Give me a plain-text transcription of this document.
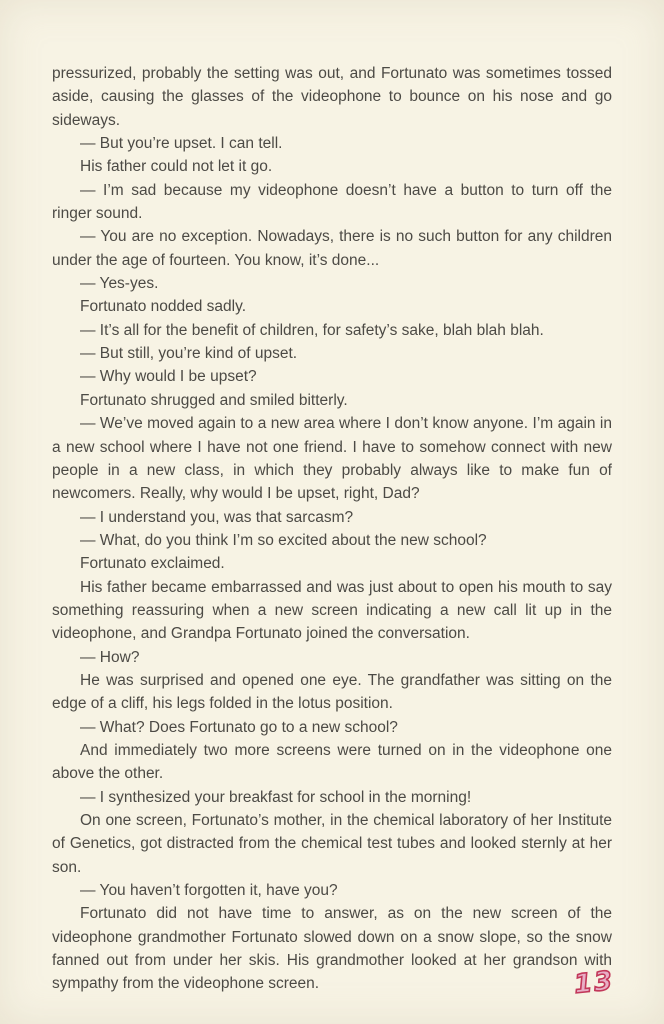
pressurized, probably the setting was out, and Fortunato was sometimes tossed aside, causing the glasses of the videophone to bounce on his nose and go sideways.

— But you’re upset. I can tell.

His father could not let it go.

— I’m sad because my videophone doesn’t have a button to turn off the ringer sound.

— You are no exception. Nowadays, there is no such button for any children under the age of fourteen. You know, it’s done...

— Yes-yes.

Fortunato nodded sadly.

— It’s all for the benefit of children, for safety’s sake, blah blah blah.

— But still, you’re kind of upset.

— Why would I be upset?

Fortunato shrugged and smiled bitterly.

— We’ve moved again to a new area where I don’t know anyone. I’m again in a new school where I have not one friend. I have to somehow connect with new people in a new class, in which they probably always like to make fun of newcomers. Really, why would I be upset, right, Dad?

— I understand you, was that sarcasm?

— What, do you think I’m so excited about the new school?

Fortunato exclaimed.

His father became embarrassed and was just about to open his mouth to say something reassuring when a new screen indicating a new call lit up in the videophone, and Grandpa Fortunato joined the conversation.

— How?

He was surprised and opened one eye. The grandfather was sitting on the edge of a cliff, his legs folded in the lotus position.

— What? Does Fortunato go to a new school?

And immediately two more screens were turned on in the videophone one above the other.

— I synthesized your breakfast for school in the morning!

On one screen, Fortunato’s mother, in the chemical laboratory of her Institute of Genetics, got distracted from the chemical test tubes and looked sternly at her son.

— You haven’t forgotten it, have you?

Fortunato did not have time to answer, as on the new screen of the videophone grandmother Fortunato slowed down on a snow slope, so the snow fanned out from under her skis. His grandmother looked at her grandson with sympathy from the videophone screen.	13
